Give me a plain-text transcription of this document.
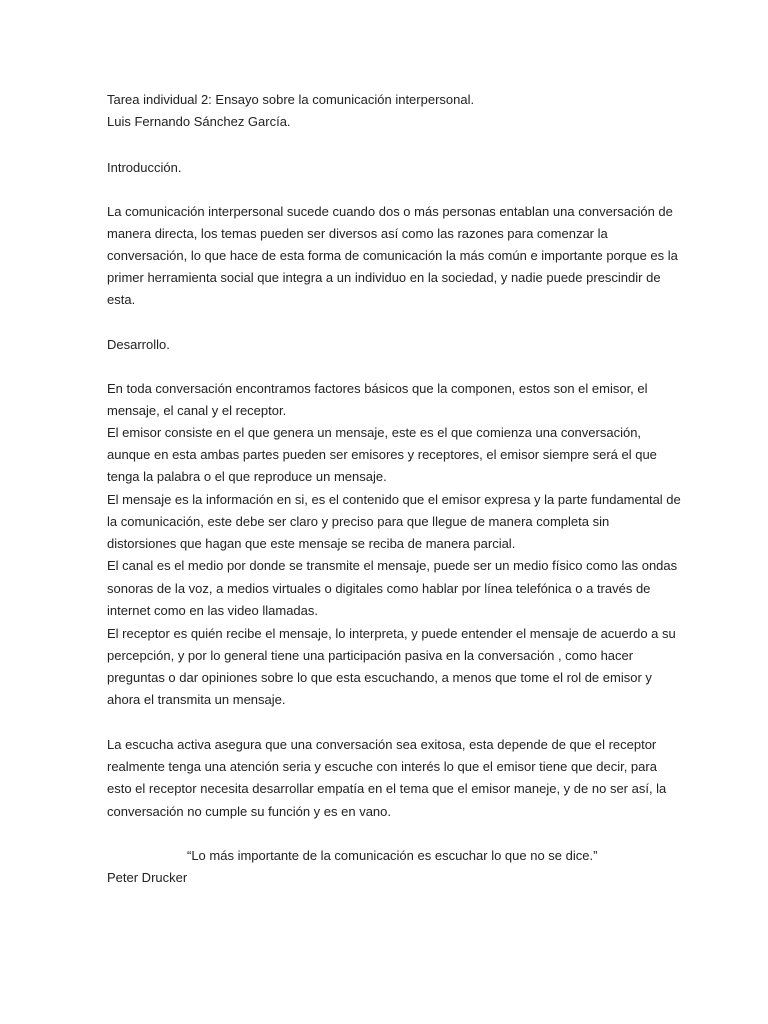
Tarea individual 2: Ensayo sobre la comunicación interpersonal.

Luis Fernando Sánchez García.

Introducción.

La comunicación interpersonal sucede cuando dos o más personas entablan una conversación de

manera directa, los temas pueden ser diversos así como las razones para comenzar la

conversación, lo que hace de esta forma de comunicación la más común e importante porque es la

primer herramienta social que integra a un individuo en la sociedad, y nadie puede prescindir de

esta.

Desarrollo.

En toda conversación encontramos factores básicos que la componen, estos son el emisor, el

mensaje, el canal y el receptor.

El emisor consiste en el que genera un mensaje, este es el que comienza una conversación,

aunque en esta ambas partes pueden ser emisores y receptores, el emisor siempre será el que

tenga la palabra o el que reproduce un mensaje.

El mensaje es la información en si, es el contenido que el emisor expresa y la parte fundamental de

la comunicación, este debe ser claro y preciso para que llegue de manera completa sin

distorsiones que hagan que este mensaje se reciba de manera parcial.

El canal es el medio por donde se transmite el mensaje, puede ser un medio físico como las ondas

sonoras de la voz, a medios virtuales o digitales como hablar por línea telefónica o a través de

internet como en las video llamadas.

El receptor es quién recibe el mensaje, lo interpreta, y puede entender el mensaje de acuerdo a su

percepción, y por lo general tiene una participación pasiva en la conversación , como hacer

preguntas o dar opiniones sobre lo que esta escuchando, a menos que tome el rol de emisor y

ahora el transmita un mensaje.

La escucha activa asegura que una conversación sea exitosa, esta depende de que el receptor

realmente tenga una atención seria y escuche con interés lo que el emisor tiene que decir, para

esto el receptor necesita desarrollar empatía en el tema que el emisor maneje, y de no ser así, la

conversación no cumple su función y es en vano.

“Lo más importante de la comunicación es escuchar lo que no se dice.”

Peter Drucker
